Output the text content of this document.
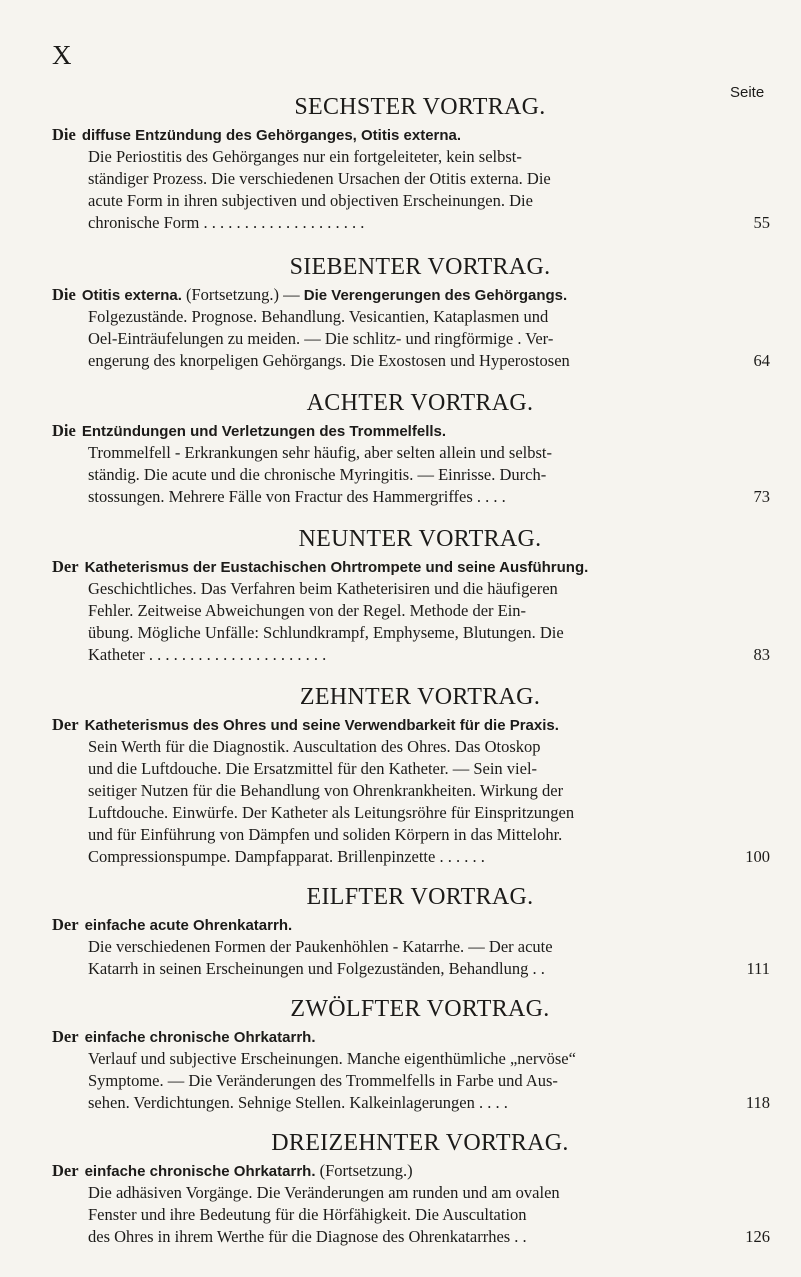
X
Seite
SECHSTER VORTRAG.
Die diffuse Entzündung des Gehörganges, Otitis externa.
Die Periostitis des Gehörganges nur ein fortgeleiteter, kein selbst-
ständiger Prozess. Die verschiedenen Ursachen der Otitis externa. Die
acute Form in ihren subjectiven und objectiven Erscheinungen. Die
chronische Form . . . . . . . . . . . . . . . . . . . .	55
SIEBENTER VORTRAG.
Die Otitis externa. (Fortsetzung.) — Die Verengerungen des Gehörgangs.
Folgezustände. Prognose. Behandlung. Vesicantien, Kataplasmen und
Oel-Einträufelungen zu meiden. — Die schlitz- und ringförmige . Ver-
engerung des knorpeligen Gehörgangs. Die Exostosen und Hyperostosen	64
ACHTER VORTRAG.
Die Entzündungen und Verletzungen des Trommelfells.
Trommelfell - Erkrankungen sehr häufig, aber selten allein und selbst-
ständig. Die acute und die chronische Myringitis. — Einrisse. Durch-
stossungen. Mehrere Fälle von Fractur des Hammergriffes . . . .	73
NEUNTER VORTRAG.
Der Katheterismus der Eustachischen Ohrtrompete und seine Ausführung.
Geschichtliches. Das Verfahren beim Katheterisiren und die häufigeren
Fehler. Zeitweise Abweichungen von der Regel. Methode der Ein-
übung. Mögliche Unfälle: Schlundkrampf, Emphyseme, Blutungen. Die
Katheter . . . . . . . . . . . . . . . . . . . . . .	83
ZEHNTER VORTRAG.
Der Katheterismus des Ohres und seine Verwendbarkeit für die Praxis.
Sein Werth für die Diagnostik. Auscultation des Ohres. Das Otoskop
und die Luftdouche. Die Ersatzmittel für den Katheter. — Sein viel-
seitiger Nutzen für die Behandlung von Ohrenkrankheiten. Wirkung der
Luftdouche. Einwürfe. Der Katheter als Leitungsröhre für Einspritzungen
und für Einführung von Dämpfen und soliden Körpern in das Mittelohr.
Compressionspumpe. Dampfapparat. Brillenpinzette . . . . . .	100
EILFTER VORTRAG.
Der einfache acute Ohrenkatarrh.
Die verschiedenen Formen der Paukenhöhlen - Katarrhe. — Der acute
Katarrh in seinen Erscheinungen und Folgezuständen, Behandlung . .	111
ZWÖLFTER VORTRAG.
Der einfache chronische Ohrkatarrh.
Verlauf und subjective Erscheinungen. Manche eigenthümliche „nervöse“
Symptome. — Die Veränderungen des Trommelfells in Farbe und Aus-
sehen. Verdichtungen. Sehnige Stellen. Kalkeinlagerungen . . . .	118
DREIZEHNTER VORTRAG.
Der einfache chronische Ohrkatarrh. (Fortsetzung.)
Die adhäsiven Vorgänge. Die Veränderungen am runden und am ovalen
Fenster und ihre Bedeutung für die Hörfähigkeit. Die Auscultation
des Ohres in ihrem Werthe für die Diagnose des Ohrenkatarrhes . .	126
